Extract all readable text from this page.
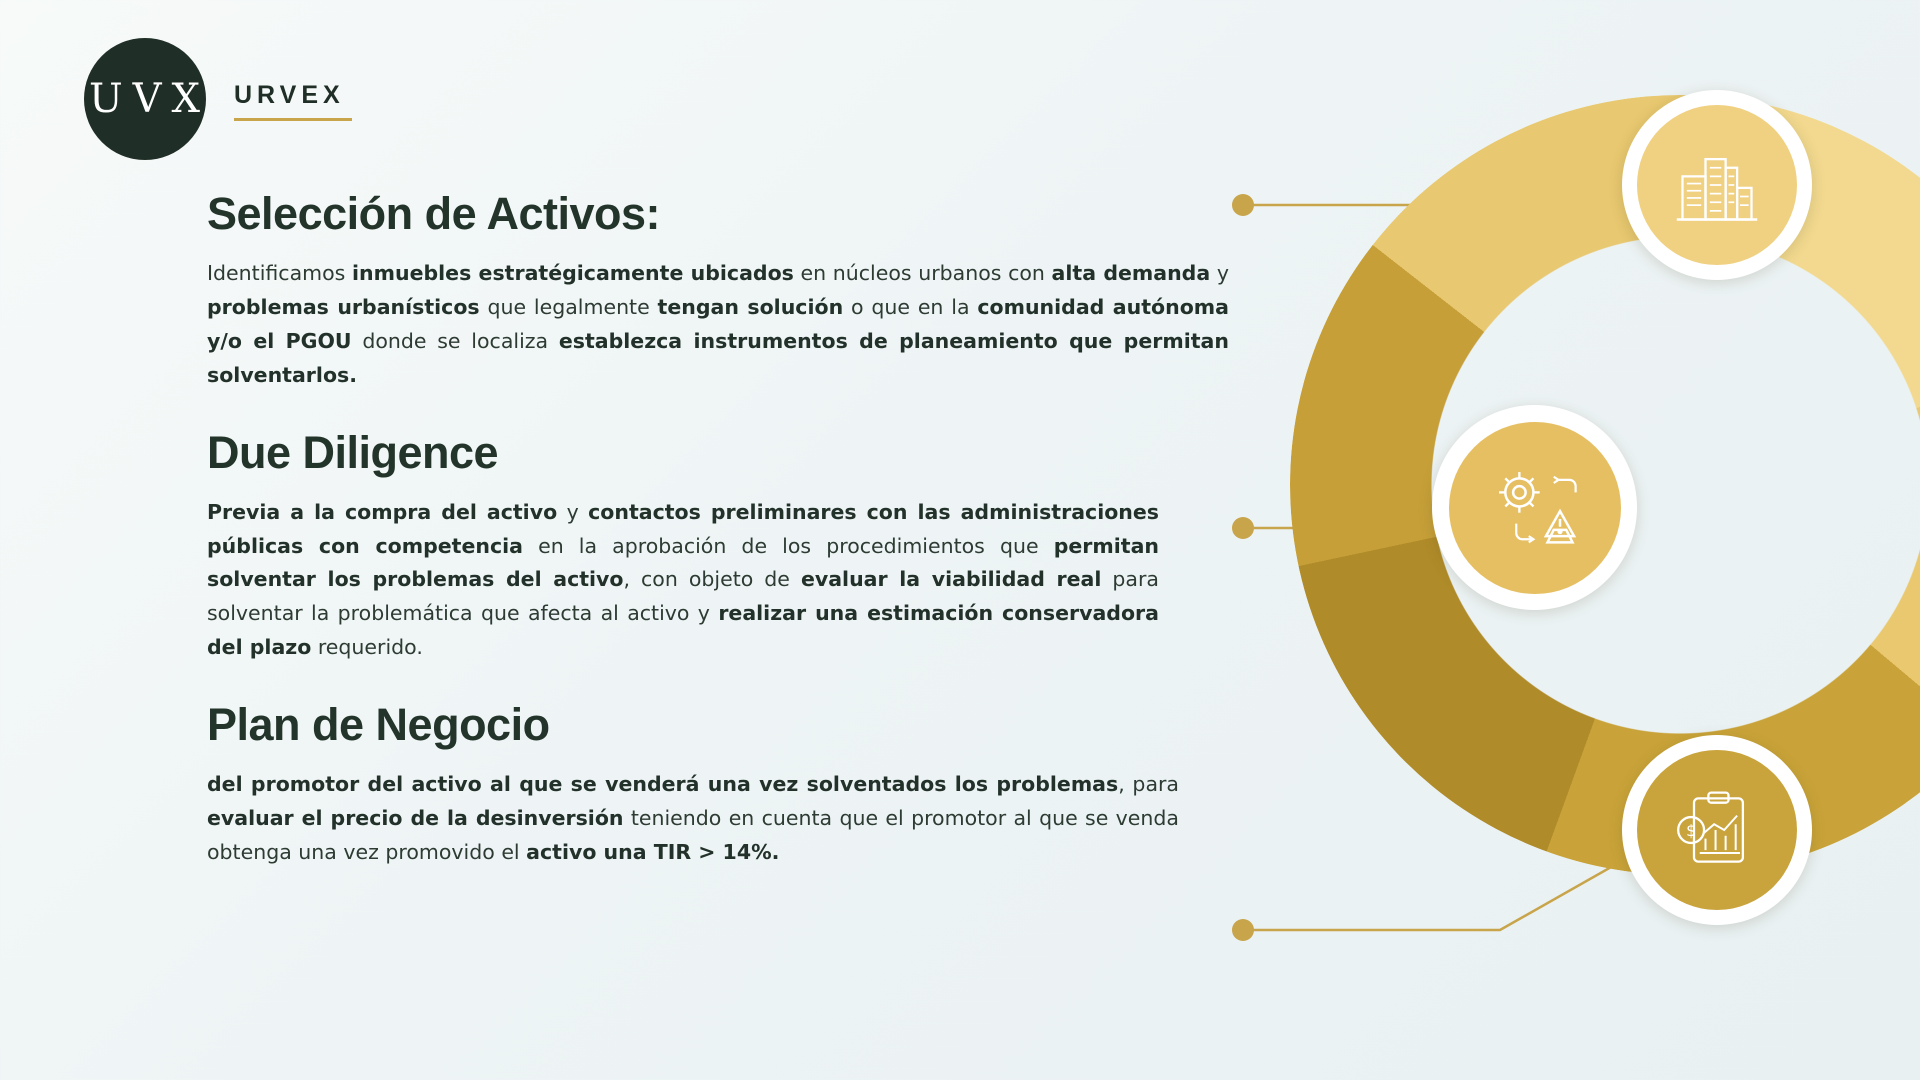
U V X URVEX
Selección de Activos:

Identificamos inmuebles estratégicamente ubicados en núcleos urbanos con alta demanda y problemas urbanísticos que legalmente tengan solución o que en la comunidad autónoma y/o el PGOU donde se localiza establezca instrumentos de planeamiento que permitan solventarlos.

Due Diligence

Previa a la compra del activo y contactos preliminares con las administraciones públicas con competencia en la aprobación de los procedimientos que permitan solventar los problemas del activo, con objeto de evaluar la viabilidad real para solventar la problemática que afecta al activo y realizar una estimación conservadora del plazo requerido.

Plan de Negocio

del promotor del activo al que se venderá una vez solventados los problemas, para evaluar el precio de la desinversión teniendo en cuenta que el promotor al que se venda obtenga una vez promovido el activo una TIR > 14%.

$
